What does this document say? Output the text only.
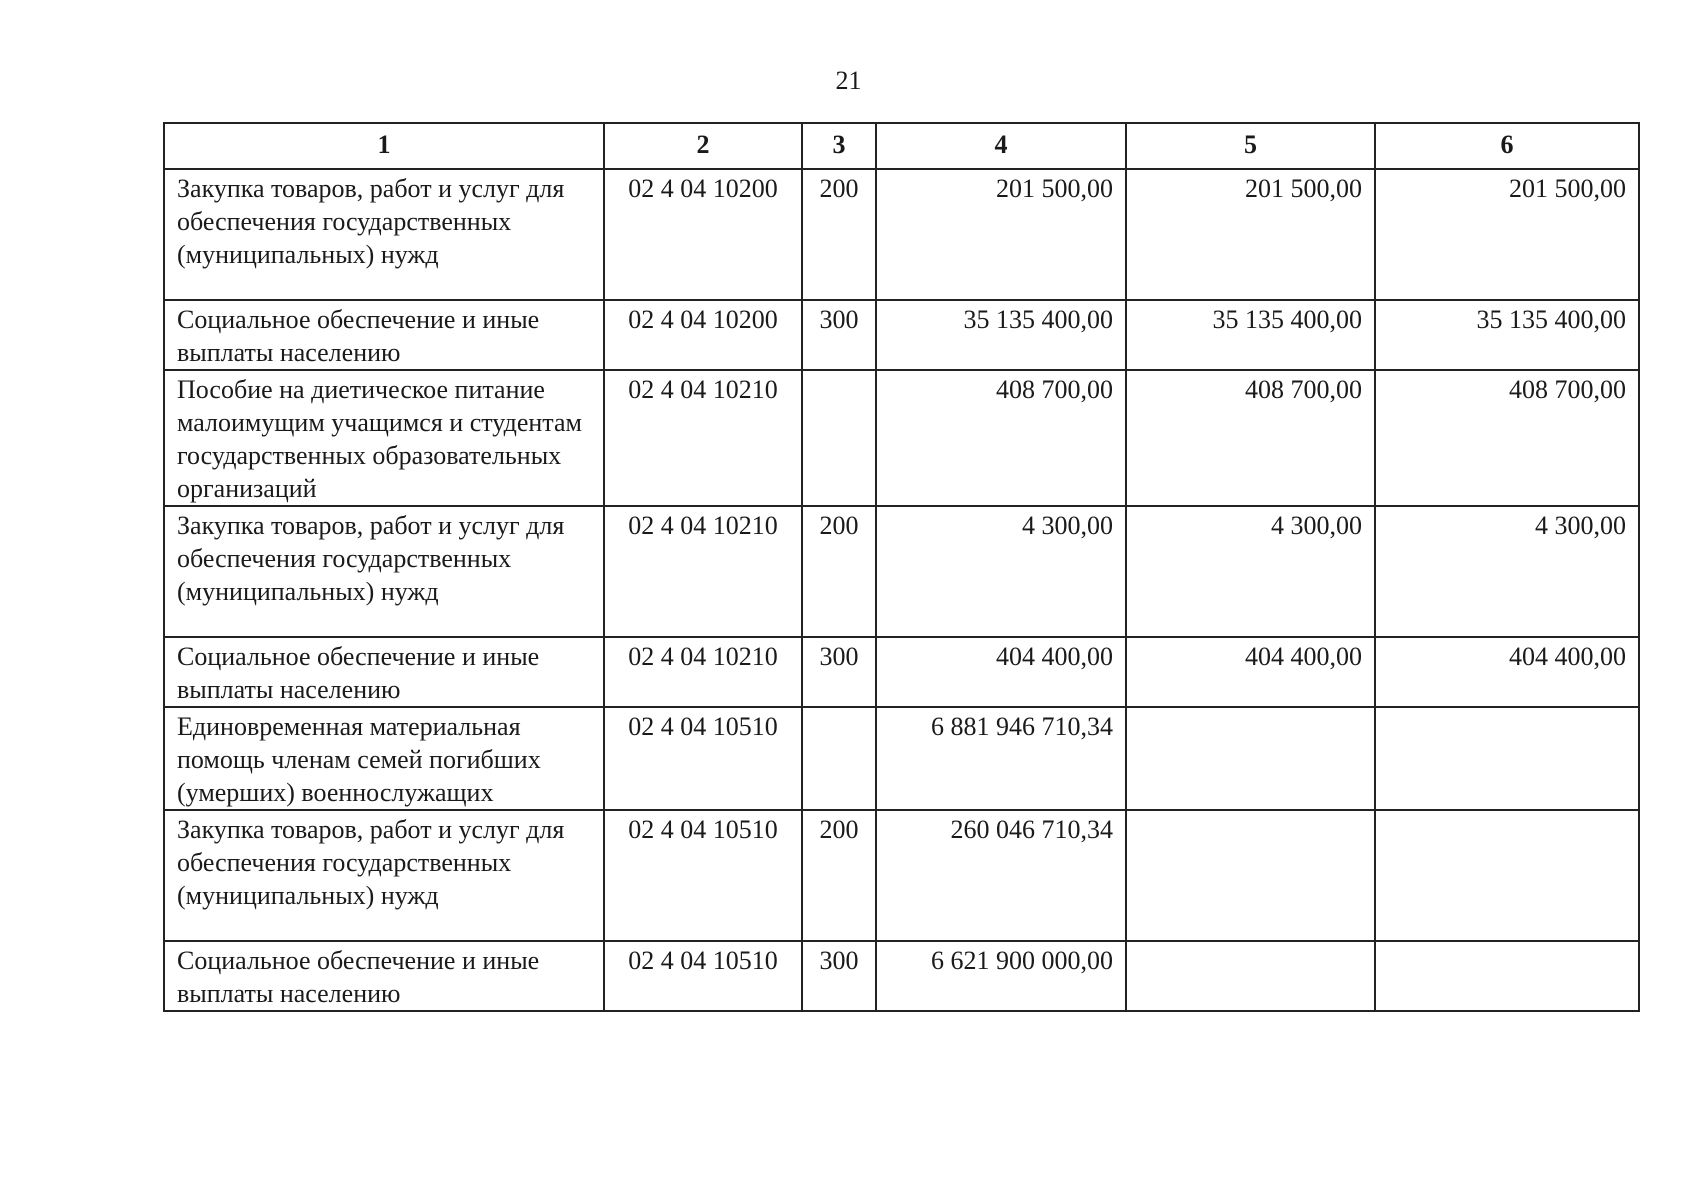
21
1	2	3	4	5	6
Закупка товаров, работ и услуг для обеспечения государственных (муниципальных) нужд	02 4 04 10200	200	201 500,00	201 500,00	201 500,00
Социальное обеспечение и иные выплаты населению	02 4 04 10200	300	35 135 400,00	35 135 400,00	35 135 400,00
Пособие на диетическое питание малоимущим учащимся и студентам государственных образовательных организаций	02 4 04 10210		408 700,00	408 700,00	408 700,00
Закупка товаров, работ и услуг для обеспечения государственных (муниципальных) нужд	02 4 04 10210	200	4 300,00	4 300,00	4 300,00
Социальное обеспечение и иные выплаты населению	02 4 04 10210	300	404 400,00	404 400,00	404 400,00
Единовременная материальная помощь членам семей погибших (умерших) военнослужащих	02 4 04 10510		6 881 946 710,34		
Закупка товаров, работ и услуг для обеспечения государственных (муниципальных) нужд	02 4 04 10510	200	260 046 710,34		
Социальное обеспечение и иные выплаты населению	02 4 04 10510	300	6 621 900 000,00		
